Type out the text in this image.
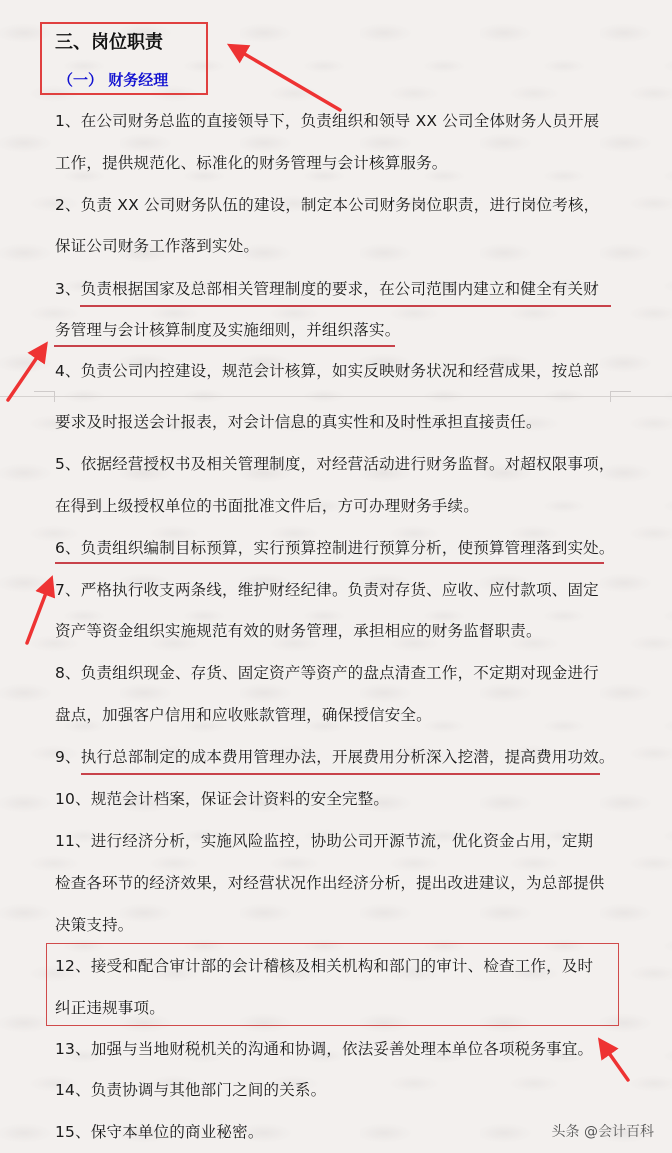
三、岗位职责
（一） 财务经理
1、在公司财务总监的直接领导下，负责组织和领导 XX 公司全体财务人员开展
工作，提供规范化、标准化的财务管理与会计核算服务。
2、负责 XX 公司财务队伍的建设，制定本公司财务岗位职责，进行岗位考核，
保证公司财务工作落到实处。
3、负责根据国家及总部相关管理制度的要求，在公司范围内建立和健全有关财
务管理与会计核算制度及实施细则，并组织落实。
4、负责公司内控建设，规范会计核算，如实反映财务状况和经营成果，按总部
要求及时报送会计报表，对会计信息的真实性和及时性承担直接责任。
5、依据经营授权书及相关管理制度，对经营活动进行财务监督。对超权限事项，
在得到上级授权单位的书面批准文件后，方可办理财务手续。
6、负责组织编制目标预算，实行预算控制进行预算分析，使预算管理落到实处。
7、严格执行收支两条线，维护财经纪律。负责对存货、应收、应付款项、固定
资产等资金组织实施规范有效的财务管理，承担相应的财务监督职责。
8、负责组织现金、存货、固定资产等资产的盘点清查工作，不定期对现金进行
盘点，加强客户信用和应收账款管理，确保授信安全。
9、执行总部制定的成本费用管理办法，开展费用分析深入挖潜，提高费用功效。
10、规范会计档案，保证会计资料的安全完整。
11、进行经济分析，实施风险监控，协助公司开源节流，优化资金占用，定期
检查各环节的经济效果，对经营状况作出经济分析，提出改进建议，为总部提供
决策支持。
12、接受和配合审计部的会计稽核及相关机构和部门的审计、检查工作，及时
纠正违规事项。
13、加强与当地财税机关的沟通和协调，依法妥善处理本单位各项税务事宜。
14、负责协调与其他部门之间的关系。
15、保守本单位的商业秘密。	头条 @会计百科
